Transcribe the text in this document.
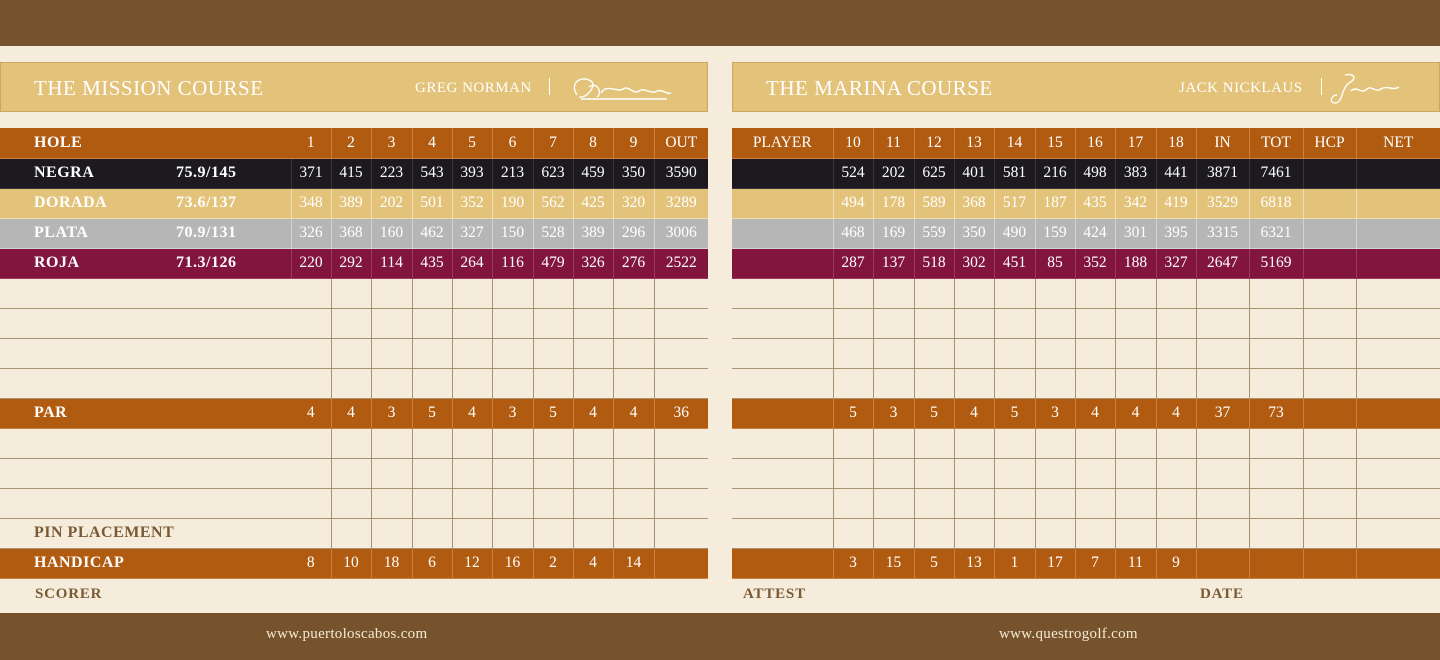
THE MISSION COURSE	GREG NORMAN	THE MARINA COURSE	JACK NICKLAUS
HOLE		1	2	3	4	5	6	7	8	9	OUT
NEGRA	75.9/145	371	415	223	543	393	213	623	459	350	3590
DORADA	73.6/137	348	389	202	501	352	190	562	425	320	3289
PLATA	70.9/131	326	368	160	462	327	150	528	389	296	3006
ROJA	71.3/126	220	292	114	435	264	116	479	326	276	2522

PAR		4	4	3	5	4	3	5	4	4	36

PIN PLACEMENT											
HANDICAP		8	10	18	6	12	16	2	4	14	
PLAYER	10	11	12	13	14	15	16	17	18	IN	TOT	HCP	NET
	524	202	625	401	581	216	498	383	441	3871	7461		
	494	178	589	368	517	187	435	342	419	3529	6818		
	468	169	559	350	490	159	424	301	395	3315	6321		
	287	137	518	302	451	85	352	188	327	2647	5169		

	5	3	5	4	5	3	4	4	4	37	73		

	3	15	5	13	1	17	7	11	9				
SCORER	ATTEST	DATE
www.puertoloscabos.com	www.questrogolf.com
